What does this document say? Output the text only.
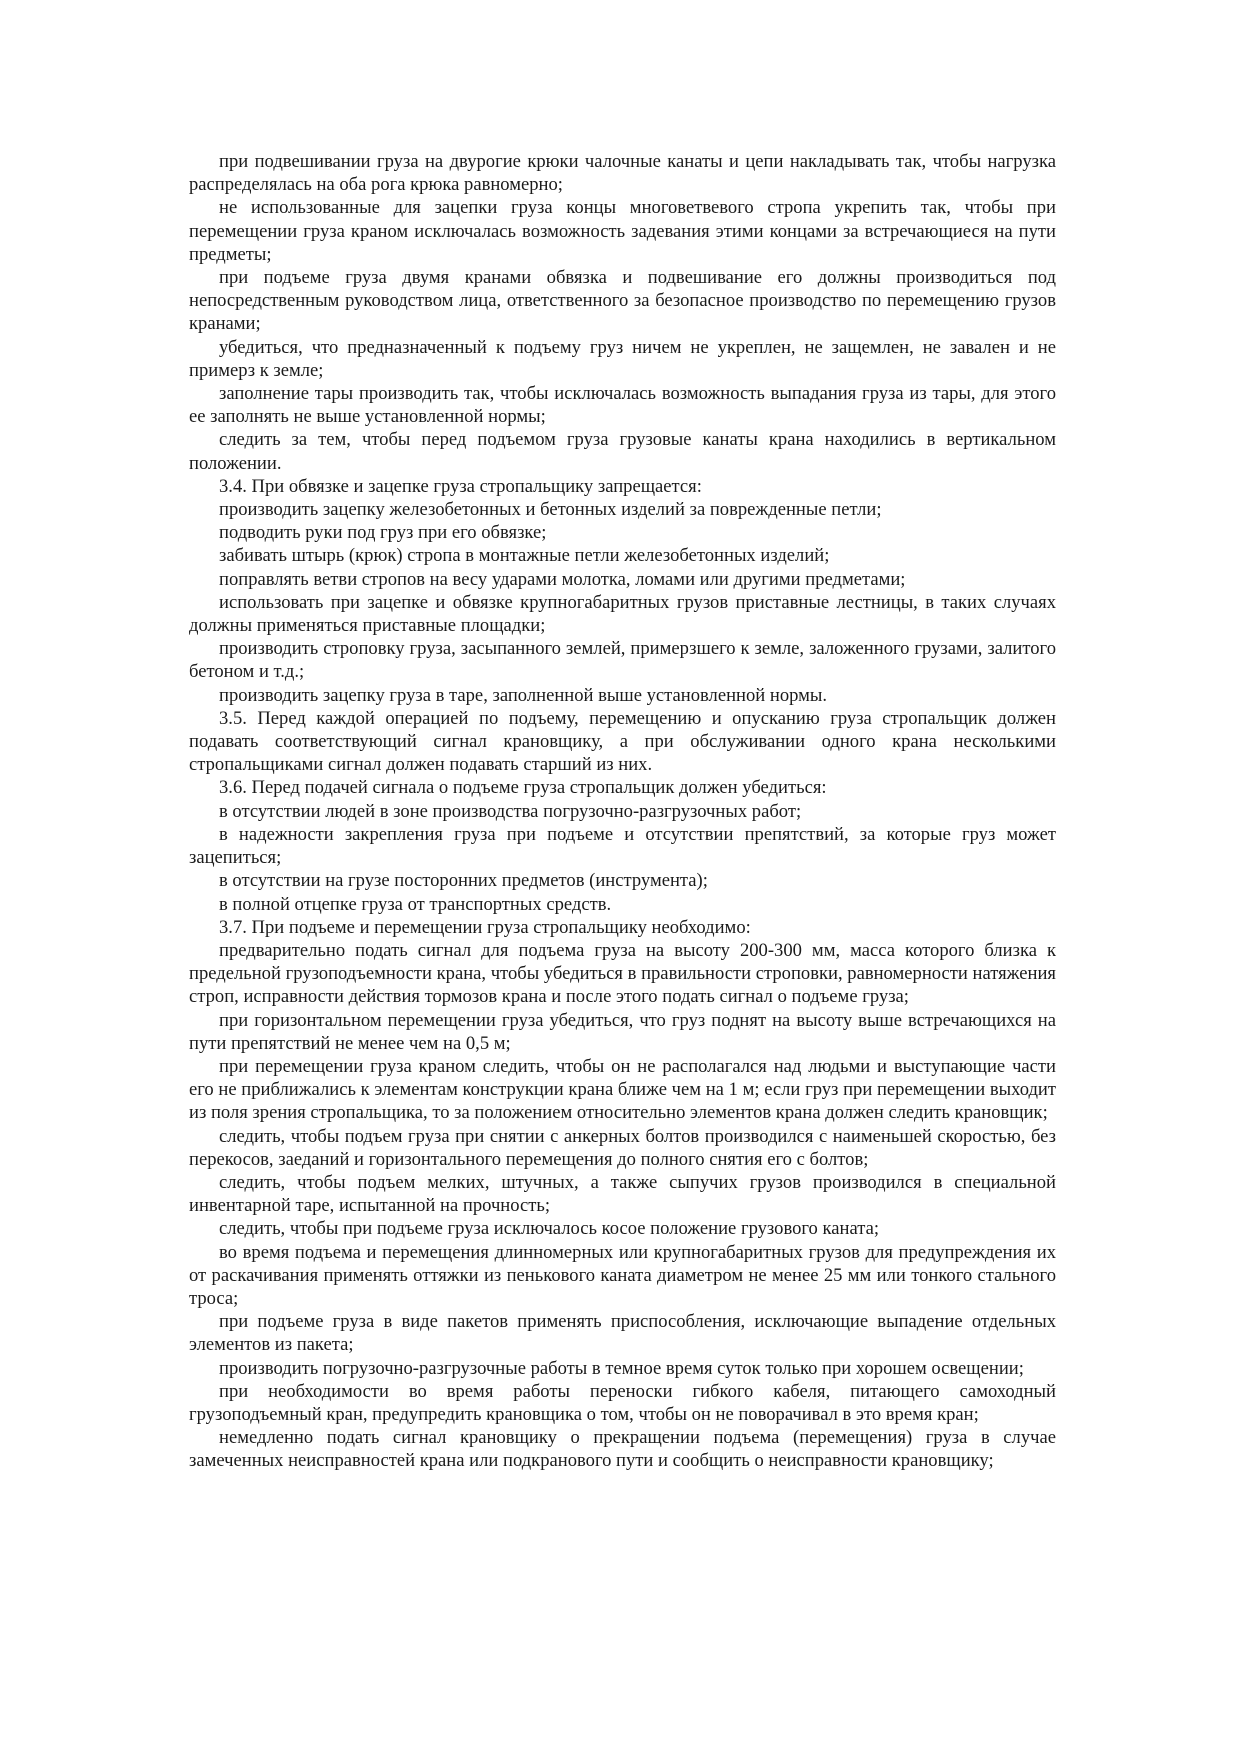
при подвешивании груза на двурогие крюки чалочные канаты и цепи накладывать так, чтобы нагрузка распределялась на оба рога крюка равномерно;

не использованные для зацепки груза концы многоветвевого стропа укрепить так, чтобы при перемещении груза краном исключалась возможность задевания этими концами за встречающиеся на пути предметы;

при подъеме груза двумя кранами обвязка и подвешивание его должны производиться под непосредственным руководством лица, ответственного за безопасное производство по перемещению грузов кранами;

убедиться, что предназначенный к подъему груз ничем не укреплен, не защемлен, не завален и не примерз к земле;

заполнение тары производить так, чтобы исключалась возможность выпадания груза из тары, для этого ее заполнять не выше установленной нормы;

следить за тем, чтобы перед подъемом груза грузовые канаты крана находились в вертикальном положении.

3.4. При обвязке и зацепке груза стропальщику запрещается:

производить зацепку железобетонных и бетонных изделий за поврежденные петли;

подводить руки под груз при его обвязке;

забивать штырь (крюк) стропа в монтажные петли железобетонных изделий;

поправлять ветви стропов на весу ударами молотка, ломами или другими предметами;

использовать при зацепке и обвязке крупногабаритных грузов приставные лестницы, в таких случаях должны применяться приставные площадки;

производить строповку груза, засыпанного землей, примерзшего к земле, заложенного грузами, залитого бетоном и т.д.;

производить зацепку груза в таре, заполненной выше установленной нормы.

3.5. Перед каждой операцией по подъему, перемещению и опусканию груза стропальщик должен подавать соответствующий сигнал крановщику, а при обслуживании одного крана несколькими стропальщиками сигнал должен подавать старший из них.

3.6. Перед подачей сигнала о подъеме груза стропальщик должен убедиться:

в отсутствии людей в зоне производства погрузочно-разгрузочных работ;

в надежности закрепления груза при подъеме и отсутствии препятствий, за которые груз может зацепиться;

в отсутствии на грузе посторонних предметов (инструмента);

в полной отцепке груза от транспортных средств.

3.7. При подъеме и перемещении груза стропальщику необходимо:

предварительно подать сигнал для подъема груза на высоту 200-300 мм, масса которого близка к предельной грузоподъемности крана, чтобы убедиться в правильности строповки, равномерности натяжения строп, исправности действия тормозов крана и после этого подать сигнал о подъеме груза;

при горизонтальном перемещении груза убедиться, что груз поднят на высоту выше встречающихся на пути препятствий не менее чем на 0,5 м;

при перемещении груза краном следить, чтобы он не располагался над людьми и выступающие части его не приближались к элементам конструкции крана ближе чем на 1 м; если груз при перемещении выходит из поля зрения стропальщика, то за положением относительно элементов крана должен следить крановщик;

следить, чтобы подъем груза при снятии с анкерных болтов производился с наименьшей скоростью, без перекосов, заеданий и горизонтального перемещения до полного снятия его с болтов;

следить, чтобы подъем мелких, штучных, а также сыпучих грузов производился в специальной инвентарной таре, испытанной на прочность;

следить, чтобы при подъеме груза исключалось косое положение грузового каната;

во время подъема и перемещения длинномерных или крупногабаритных грузов для предупреждения их от раскачивания применять оттяжки из пенькового каната диаметром не менее 25 мм или тонкого стального троса;

при подъеме груза в виде пакетов применять приспособления, исключающие выпадение отдельных элементов из пакета;

производить погрузочно-разгрузочные работы в темное время суток только при хорошем освещении;

при необходимости во время работы переноски гибкого кабеля, питающего самоходный грузоподъемный кран, предупредить крановщика о том, чтобы он не поворачивал в это время кран;

немедленно подать сигнал крановщику о прекращении подъема (перемещения) груза в случае замеченных неисправностей крана или подкранового пути и сообщить о неисправности крановщику;
